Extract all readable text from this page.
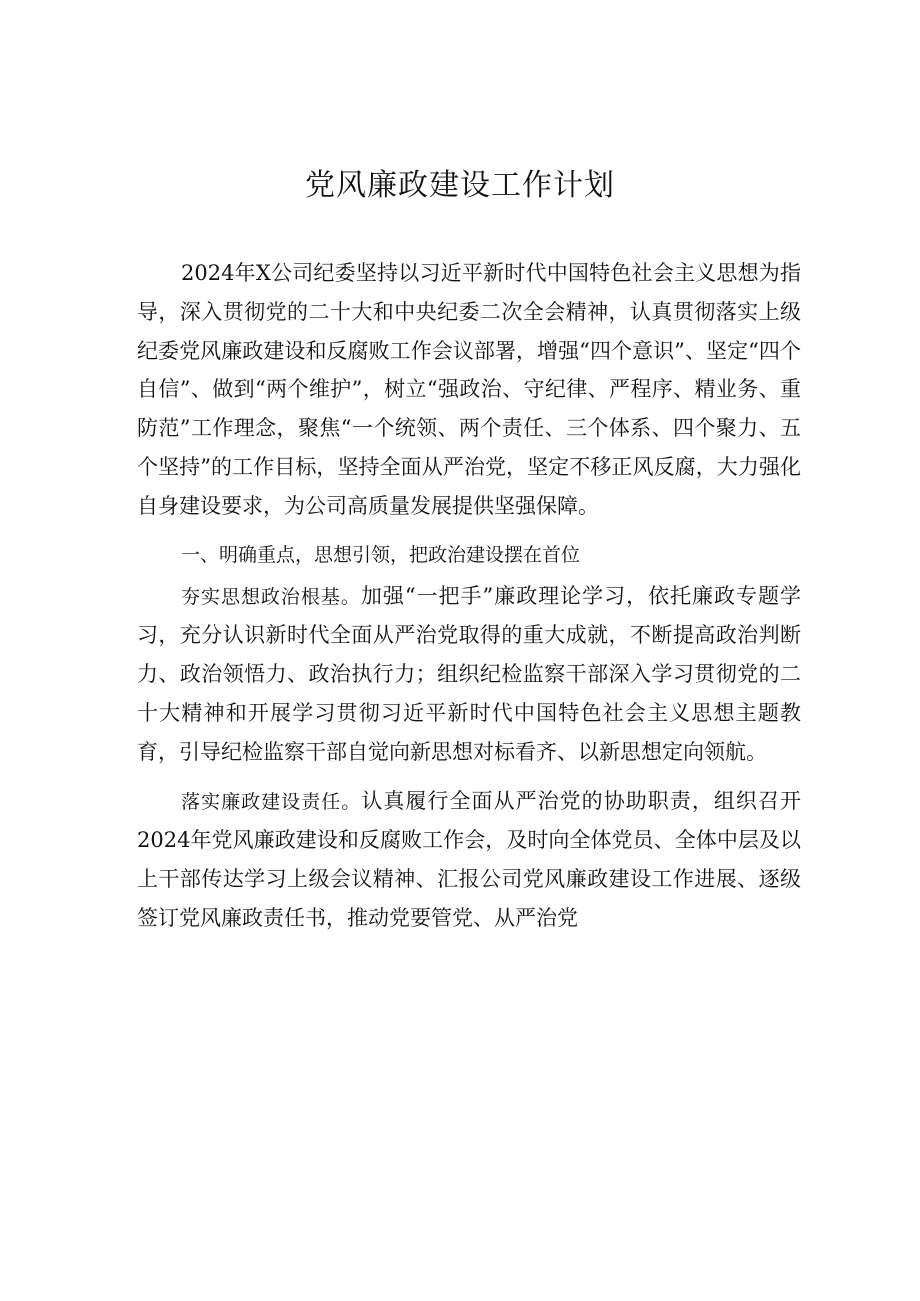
党风廉政建设工作计划

2024年X公司纪委坚持以习近平新时代中国特色社会主义思想为指导，深入贯彻党的二十大和中央纪委二次全会精神，认真贯彻落实上级纪委党风廉政建设和反腐败工作会议部署，增强“四个意识”、坚定“四个自信”、做到“两个维护”，树立“强政治、守纪律、严程序、精业务、重防范”工作理念，聚焦“一个统领、两个责任、三个体系、四个聚力、五个坚持”的工作目标，坚持全面从严治党，坚定不移正风反腐，大力强化自身建设要求，为公司高质量发展提供坚强保障。

一、明确重点，思想引领，把政治建设摆在首位

夯实思想政治根基。加强“一把手”廉政理论学习，依托廉政专题学习，充分认识新时代全面从严治党取得的重大成就，不断提高政治判断力、政治领悟力、政治执行力；组织纪检监察干部深入学习贯彻党的二十大精神和开展学习贯彻习近平新时代中国特色社会主义思想主题教育，引导纪检监察干部自觉向新思想对标看齐、以新思想定向领航。

落实廉政建设责任。认真履行全面从严治党的协助职责，组织召开2024年党风廉政建设和反腐败工作会，及时向全体党员、全体中层及以上干部传达学习上级会议精神、汇报公司党风廉政建设工作进展、逐级签订党风廉政责任书，推动党要管党、从严治党
